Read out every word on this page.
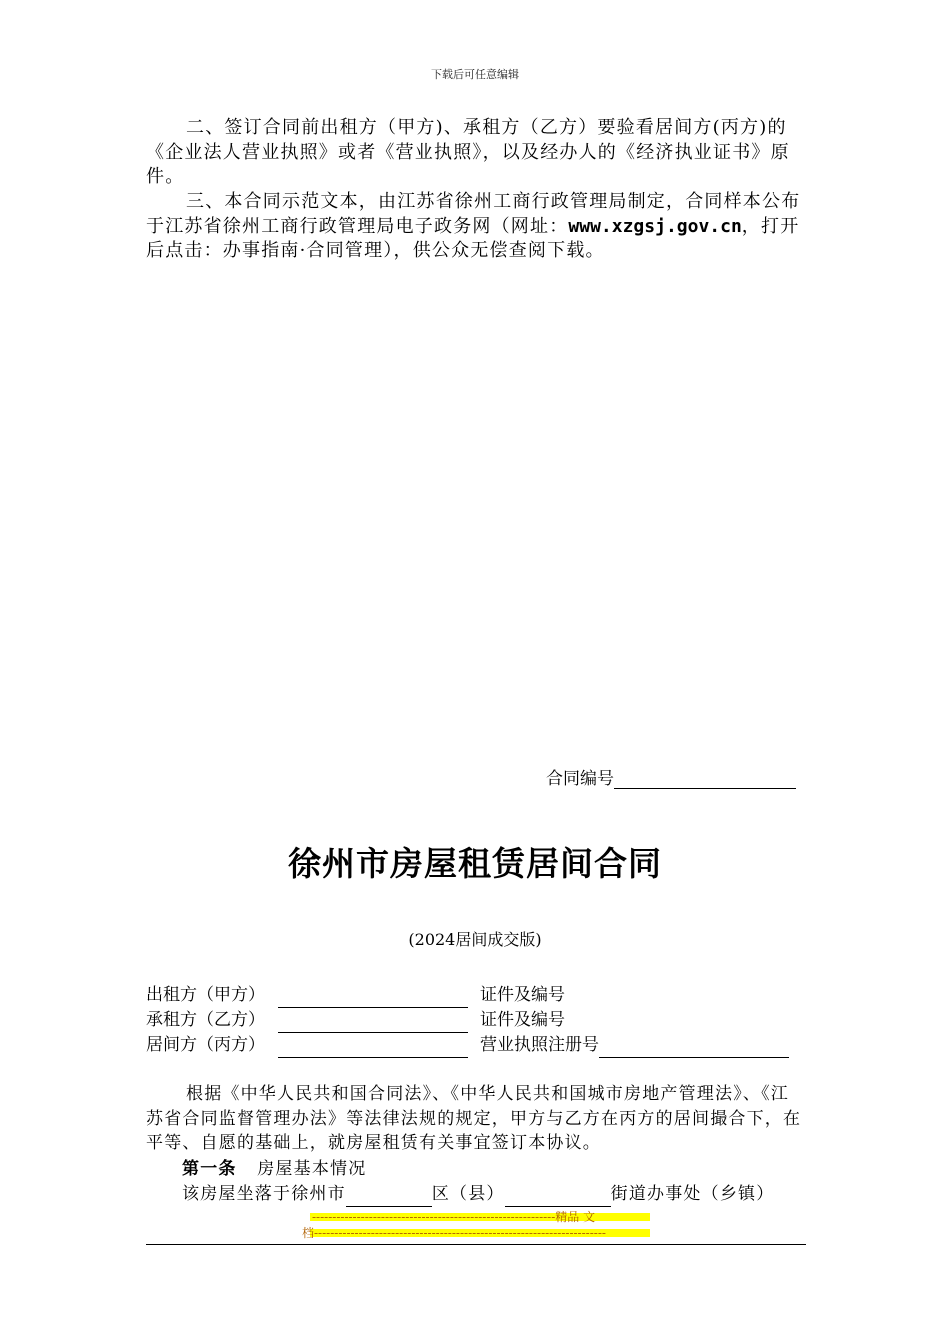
下载后可任意编辑
二、签订合同前出租方（甲方)、承租方（乙方）要验看居间方(丙方)的《企业法人营业执照》或者《营业执照》，以及经办人的《经济执业证书》原件。
三、本合同示范文本，由江苏省徐州工商行政管理局制定，合同样本公布于江苏省徐州工商行政管理局电子政务网（网址：www.xzgsj.gov.cn，打开后点击：办事指南·合同管理），供公众无偿查阅下载。
合同编号
徐州市房屋租赁居间合同
(2024居间成交版)
出租方（甲方）	证件及编号
承租方（乙方）	证件及编号
居间方（丙方）	营业执照注册号
根据《中华人民共和国合同法》、《中华人民共和国城市房地产管理法》、《江苏省合同监督管理办法》等法律法规的规定，甲方与乙方在丙方的居间撮合下，在平等、自愿的基础上，就房屋租赁有关事宜签订本协议。
第一条 房屋基本情况
该房屋坐落于徐州市	区（县）	街道办事处（乡镇）
------------------------------------------------------------精品 文
档------------------------------------------------------------------------
